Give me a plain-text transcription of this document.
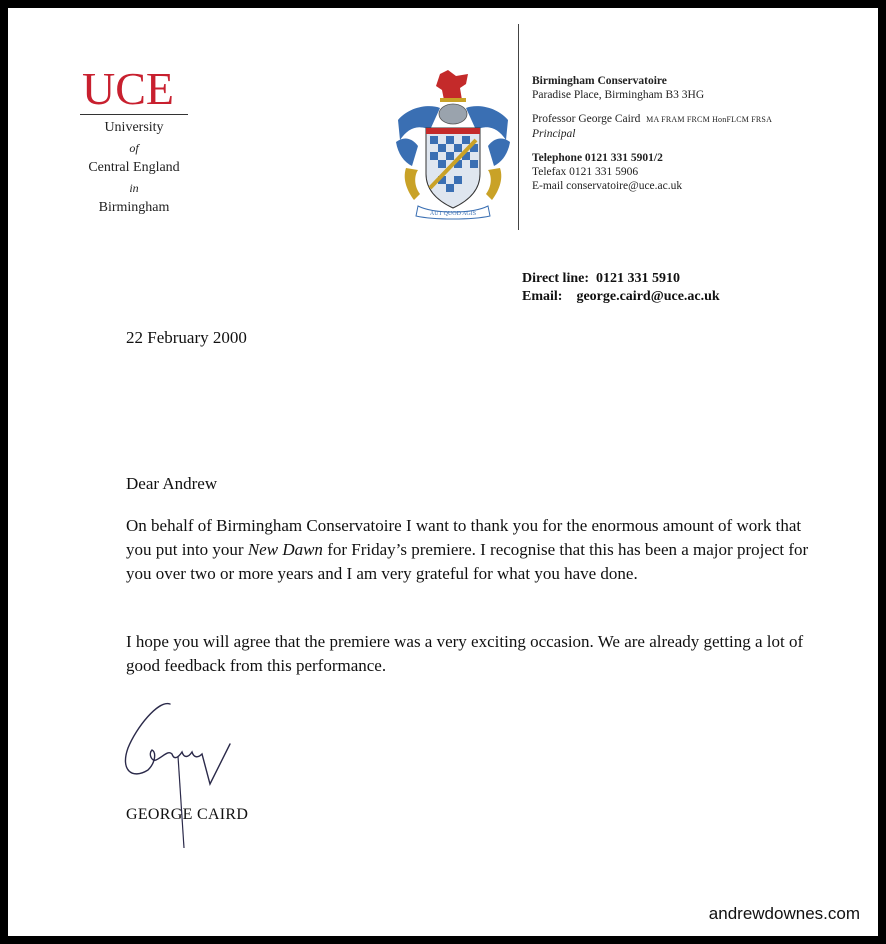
UCE
University
of
Central England
in
Birmingham	AUT QUOD AGIS
Birmingham Conservatoire
Paradise Place, Birmingham B3 3HG
Professor George Caird MA FRAM FRCM HonFLCM FRSA
Principal
Telephone 0121 331 5901/2
Telefax 0121 331 5906
E-mail conservatoire@uce.ac.uk
Direct line: 0121 331 5910
Email: george.caird@uce.ac.uk
22 February 2000
Dear Andrew
On behalf of Birmingham Conservatoire I want to thank you for the enormous amount of work that you put into your New Dawn for Friday’s premiere. I recognise that this has been a major project for you over two or more years and I am very grateful for what you have done.
I hope you will agree that the premiere was a very exciting occasion. We are already getting a lot of good feedback from this performance.
GEORGE CAIRD
andrewdownes.com
